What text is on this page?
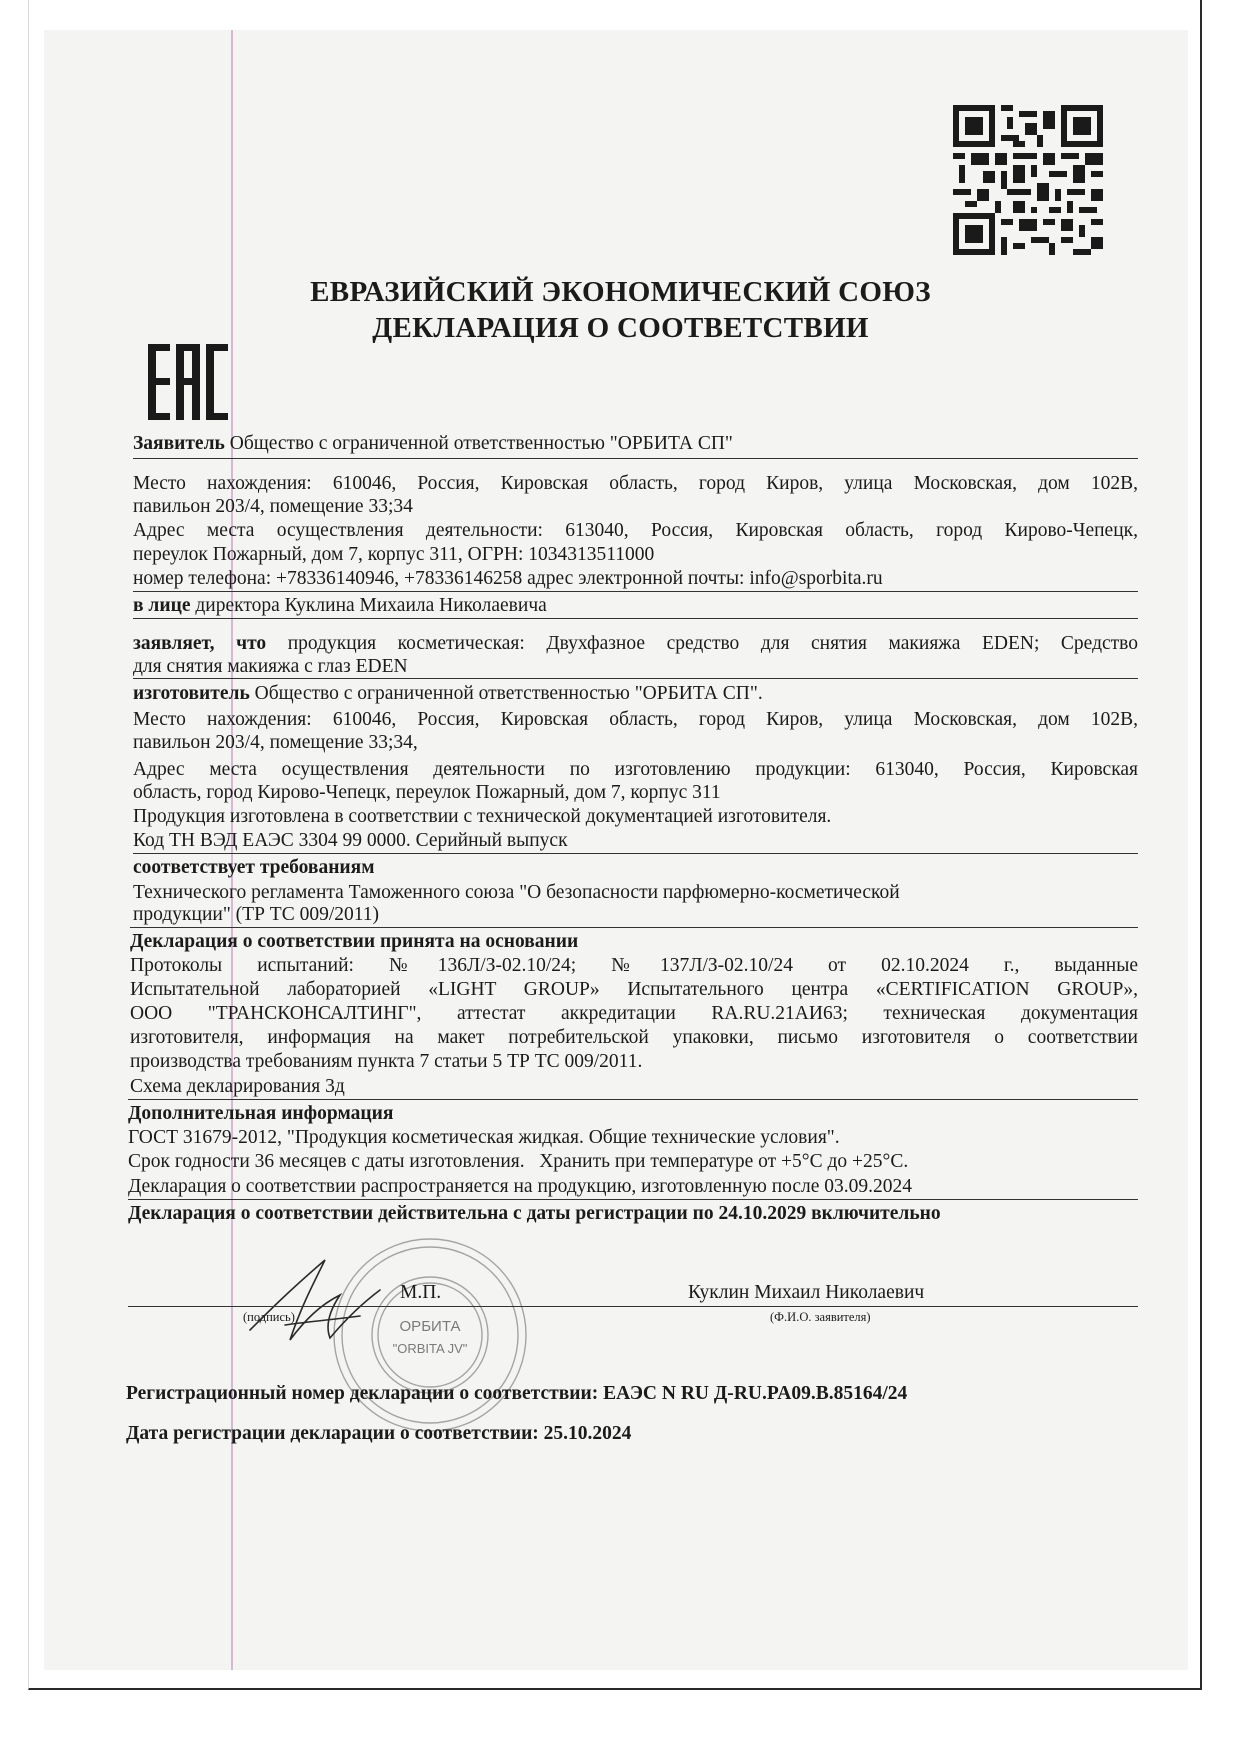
ЕВРАЗИЙСКИЙ ЭКОНОМИЧЕСКИЙ СОЮЗ
ДЕКЛАРАЦИЯ О СООТВЕТСТВИИ
Заявитель Общество с ограниченной ответственностью "ОРБИТА СП"
Место нахождения: 610046, Россия, Кировская область, город Киров, улица Московская, дом 102В,
павильон 203/4, помещение 33;34
Адрес места осуществления деятельности: 613040, Россия, Кировская область, город Кирово-Чепецк,
переулок Пожарный, дом 7, корпус 311, ОГРН: 1034313511000
номер телефона: +78336140946, +78336146258 адрес электронной почты: info@sporbita.ru
в лице директора Куклина Михаила Николаевича
заявляет, что продукция косметическая: Двухфазное средство для снятия макияжа EDEN; Средство
для снятия макияжа с глаз EDEN
изготовитель Общество с ограниченной ответственностью "ОРБИТА СП".
Место нахождения: 610046, Россия, Кировская область, город Киров, улица Московская, дом 102В,
павильон 203/4, помещение 33;34,
Адрес места осуществления деятельности по изготовлению продукции: 613040, Россия, Кировская
область, город Кирово-Чепецк, переулок Пожарный, дом 7, корпус 311
Продукция изготовлена в соответствии с технической документацией изготовителя.
Код ТН ВЭД ЕАЭС 3304 99 0000. Серийный выпуск
соответствует требованиям
Технического регламента Таможенного союза "О безопасности парфюмерно-косметической
продукции" (ТР ТС 009/2011)
Декларация о соответствии принята на основании
Протоколы испытаний: №136Л/З-02.10/24; №137Л/З-02.10/24 от 02.10.2024 г., выданные
Испытательной лабораторией «LIGHT GROUP» Испытательного центра «CERTIFICATION GROUP»,
ООО "ТРАНСКОНСАЛТИНГ", аттестат аккредитации RA.RU.21АИ63; техническая документация
изготовителя, информация на макет потребительской упаковки, письмо изготовителя о соответствии
производства требованиям пункта 7 статьи 5 ТР ТС 009/2011.
Схема декларирования 3д
Дополнительная информация
ГОСТ 31679-2012, "Продукция косметическая жидкая. Общие технические условия".
Срок годности 36 месяцев с даты изготовления.   Хранить при температуре от +5°С до +25°С.
Декларация о соответствии распространяется на продукцию, изготовленную после 03.09.2024
Декларация о соответствии действительна с даты регистрации по 24.10.2029 включительно
ОРБИТА
"ORBITA JV"
М.П.	Куклин Михаил Николаевич
(подпись)	(Ф.И.О. заявителя)
Регистрационный номер декларации о соответствии: ЕАЭС N RU Д-RU.PA09.B.85164/24
Дата регистрации декларации о соответствии: 25.10.2024
